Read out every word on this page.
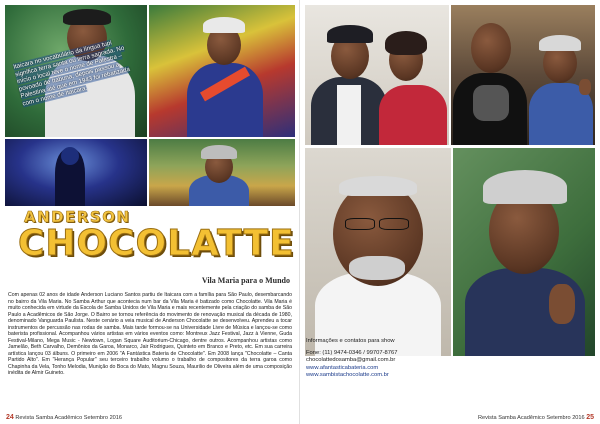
Itaicara no vocabulário da língua tupi significa terra santa ou terra sagrada. No início o local teve o nome de Palestra – povoado de Itabuna, depois passou a Palestina até que em 1943 foi rebatizada com o nome de Itaicara.
ANDERSON
CHOCOLATTE
Vila Maria para o Mundo

Com apenas 02 anos de idade Anderson Luciano Santos partiu de Itaicara com a família para São Paulo, desembarcando no bairro da Vila Maria. No Samba Arthur que acontecia num bar da Vila Maria é batizado como Chocolatte. Vila Maria é muito conhecida em virtude da Escola de Samba Unidos de Vila Maria e mais recentemente pela criação do samba de São Paulo a Acadêmicos de São Jorge. O Bairro se tornou referência do movimento de renovação musical da década de 1980, denominado Vanguarda Paulista. Neste cenário a veia musical de Anderson Chocolatte se desenvolveu. Aprendeu a tocar instrumentos de percussão nas rodas de samba. Mais tarde formou-se na Universidade Livre de Música e lançou-se como baterista profissional. Acompanhou vários artistas em vários eventos como: Montreux Jazz Festival, Jazz à Vienne, Guda Festival-Milano, Mega Music - Newtown, Logan Square Auditorium-Chicago, dentre outros. Acompanhou artistas como Jamelão, Beth Carvalho, Demônios da Garoa, Monarco, Jair Rodrigues, Quinteto em Branco e Preto, etc. Em sua carreira artística lançou 03 álbuns. O primeiro em 2006 "A Fantástica Bateria de Chocolatte". Em 2008 lança "Chocolatte – Canta Partido Alto". Em "Herança Popular" seu terceiro trabalho volumo o trabalho de compositores da terra garoa como Chapinha da Vela, Tonho Melodia, Munição do Boca do Mato, Magnu Souza, Maurilio de Oliveira além de uma composição inédita de Almir Guineto.

24 Revista Samba Acadêmico Setembro 2016
Informações e contatos para show
Fone: (11) 9474-0346 / 99707-8767
chocolattedosamba@gmail.com.br
www.afantasticabateria.com
www.sambistachocolatte.com.br
Revista Samba Acadêmico Setembro 2016 25
